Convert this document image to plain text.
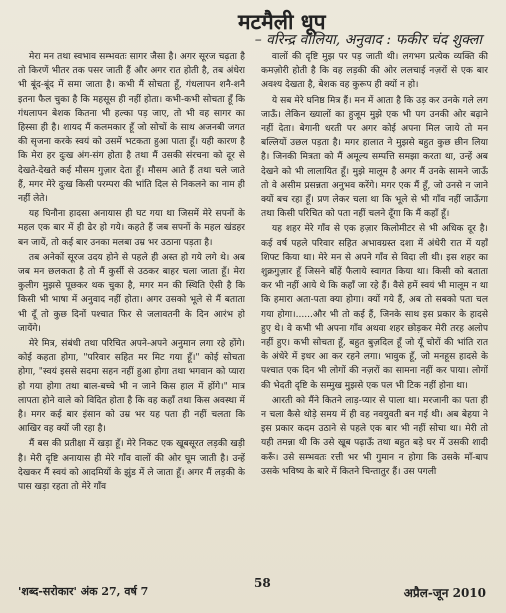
मटमैली धूप
– वरिन्द्र वालिया, अनुवाद : फकीर चंद शुक्ला

मेरा मन तथा स्वभाव सम्भवतः सागर जैसा है। अगर सूरज चढ़ता है तो किरणें भीतर तक पसर जाती हैं और अगर रात होती है, तब अंधेरा भी बूंद-बूंद में समा जाता है। कभी मैं सोचता हूँ, गंधलापन शनै-शनै इतना फैल चुका है कि महसूस ही नहीं होता। कभी-कभी सोचता हूँ कि गंधलापन बेशक कितना भी हल्का पड़ जाए, तो भी वह सागर का हिस्सा ही है। शायद मैं कलमकार हूँ जो सोचों के साथ अजनबी जगत की सृजना करके स्वयं को उसमें भटकता हुआ पाता हूँ। यही कारण है कि मेरा हर दुःख अंग-संग होता है तथा मैं उसकी संरचना को दूर से देखते-देखते कई मौसम गुज़ार देता हूँ। मौसम आते हैं तथा चले जाते हैं, मगर मेरे दुःख किसी परम्परा की भांति दिल से निकलने का नाम ही नहीं लेते।

यह घिनौना हादसा अनायास ही घट गया था जिसमें मेरे सपनों के महल एक बार में ही ढेर हो गये। कहते हैं जब सपनों के महल खंडहर बन जायें, तो कई बार उनका मलबा उम्र भर उठाना पड़ता है।

तब अनेकों सूरज उदय होने से पहले ही अस्त हो गये लगे थे। अब जब मन छलकता है तो मैं कुर्सी से उठकर बाहर चला जाता हूँ। मेरा कुलीग मुझसे पूछकर थक चुका है, मगर मन की स्थिति ऐसी है कि किसी भी भाषा में अनुवाद नहीं होता। अगर उसको भूले से मैं बताता भी दूँ तो कुछ दिनों पश्चात फिर से जलावतनी के दिन आरंभ हो जायेंगे।

मेरे मित्र, संबंधी तथा परिचित अपने-अपने अनुमान लगा रहे होंगे। कोई कहता होगा, "परिवार सहित मर मिट गया हूँ।" कोई सोचता होगा, "स्वयं इससे सदमा सहन नहीं हुआ होगा तथा भगवान को प्यारा हो गया होगा तथा बाल-बच्चे भी न जाने किस हाल में होंगे।" मात्र लापता होने वाले को विदित होता है कि वह कहाँ तथा किस अवस्था में है। मगर कई बार इंसान को उम्र भर यह पता ही नहीं चलता कि आखिर वह क्यों जी रहा है।

मैं बस की प्रतीक्षा में खड़ा हूँ। मेरे निकट एक खूबसूरत लड़की खड़ी है। मेरी दृष्टि अनायास ही मेरे गाँव वालों की ओर घूम जाती है। उन्हें देखकर मैं स्वयं को आदमियों के झुंड में ले जाता हूँ। अगर मैं लड़की के पास खड़ा रहता तो मेरे गाँव

वालों की दृष्टि मुझ पर पड़ जाती थी। लगभग प्रत्येक व्यक्ति की कमज़ोरी होती है कि वह लड़की की ओर ललचाई नज़रों से एक बार अवश्य देखता है, बेशक वह कुरूप ही क्यों न हो।

ये सब मेरे घनिष्ठ मित्र हैं। मन में आता है कि उड़ कर उनके गले लग जाऊँ। लेकिन ख्यालों का हुजूम मुझे एक भी पग उनकी ओर बढ़ाने नहीं देता। बेगानी धरती पर अगर कोई अपना मिल जाये तो मन बल्लियों उछल पड़ता है। मगर हालात ने मुझसे बहुत कुछ छीन लिया है। जिनकी मित्रता को मैं अमूल्य सम्पत्ति समझा करता था, उन्हें अब देखने को भी लालायित हूँ। मुझे मालूम है अगर मैं उनके सामने जाऊँ तो वे असीम प्रसन्नता अनुभव करेंगे। मगर एक मैं हूँ, जो उनसे न जाने क्यों बच रहा हूँ। प्रण लेकर चला था कि भूले से भी गाँव नहीं जाऊँगा तथा किसी परिचित को पता नहीं चलने दूँगा कि मैं कहाँ हूँ।

यह शहर मेरे गाँव से एक हज़ार किलोमीटर से भी अधिक दूर है। कई वर्ष पहले परिवार सहित अभावग्रस्त दशा में अंधेरी रात में यहाँ शिफ्ट किया था। मेरे मन से अपने गाँव से विदा ली थी। इस शहर का शुक्रगुज़ार हूँ जिसने बाँहें फैलाये स्वागत किया था। किसी को बताता कर भी नहीं आये थे कि कहाँ जा रहे हैं। वैसे हमें स्वयं भी मालूम न था कि हमारा अता-पता क्या होगा। क्यों गये हैं, अब तो सबको पता चल गया होगा।......और भी तो कई हैं, जिनके साथ इस प्रकार के हादसे हुए थे। वे कभी भी अपना गाँव अथवा शहर छोड़कर मेरी तरह अलोप नहीं हुए। कभी सोचता हूँ, बहुत बुज़दिल हूँ जो यूँ चोरों की भांति रात के अंधेरे में इधर आ कर रहने लगा। भावुक हूँ, जो मनहूस हादसे के पश्चात एक दिन भी लोगों की नज़रों का सामना नहीं कर पाया। लोगों की भेदती दृष्टि के सम्मुख मुझसे एक पल भी टिक नहीं होना था।

आरती को मैंने कितने लाड़-प्यार से पाला था। मरजानी का पता ही न चला कैसे थोड़े समय में ही वह नवयुवती बन गई थी। अब बेहया ने इस प्रकार कदम उठाने से पहले एक बार भी नहीं सोचा था। मेरी तो यही तमन्ना थी कि उसे खूब पढ़ाऊँ तथा बहुत बड़े घर में उसकी शादी करूँ। उसे सम्भवतः रत्ती भर भी गुमान न होगा कि उसके माँ-बाप उसके भविष्य के बारे में कितने चिन्तातुर हैं। उस पगली

'शब्द-सरोकार' अंक 27, वर्ष 7
58
अप्रैल-जून 2010
